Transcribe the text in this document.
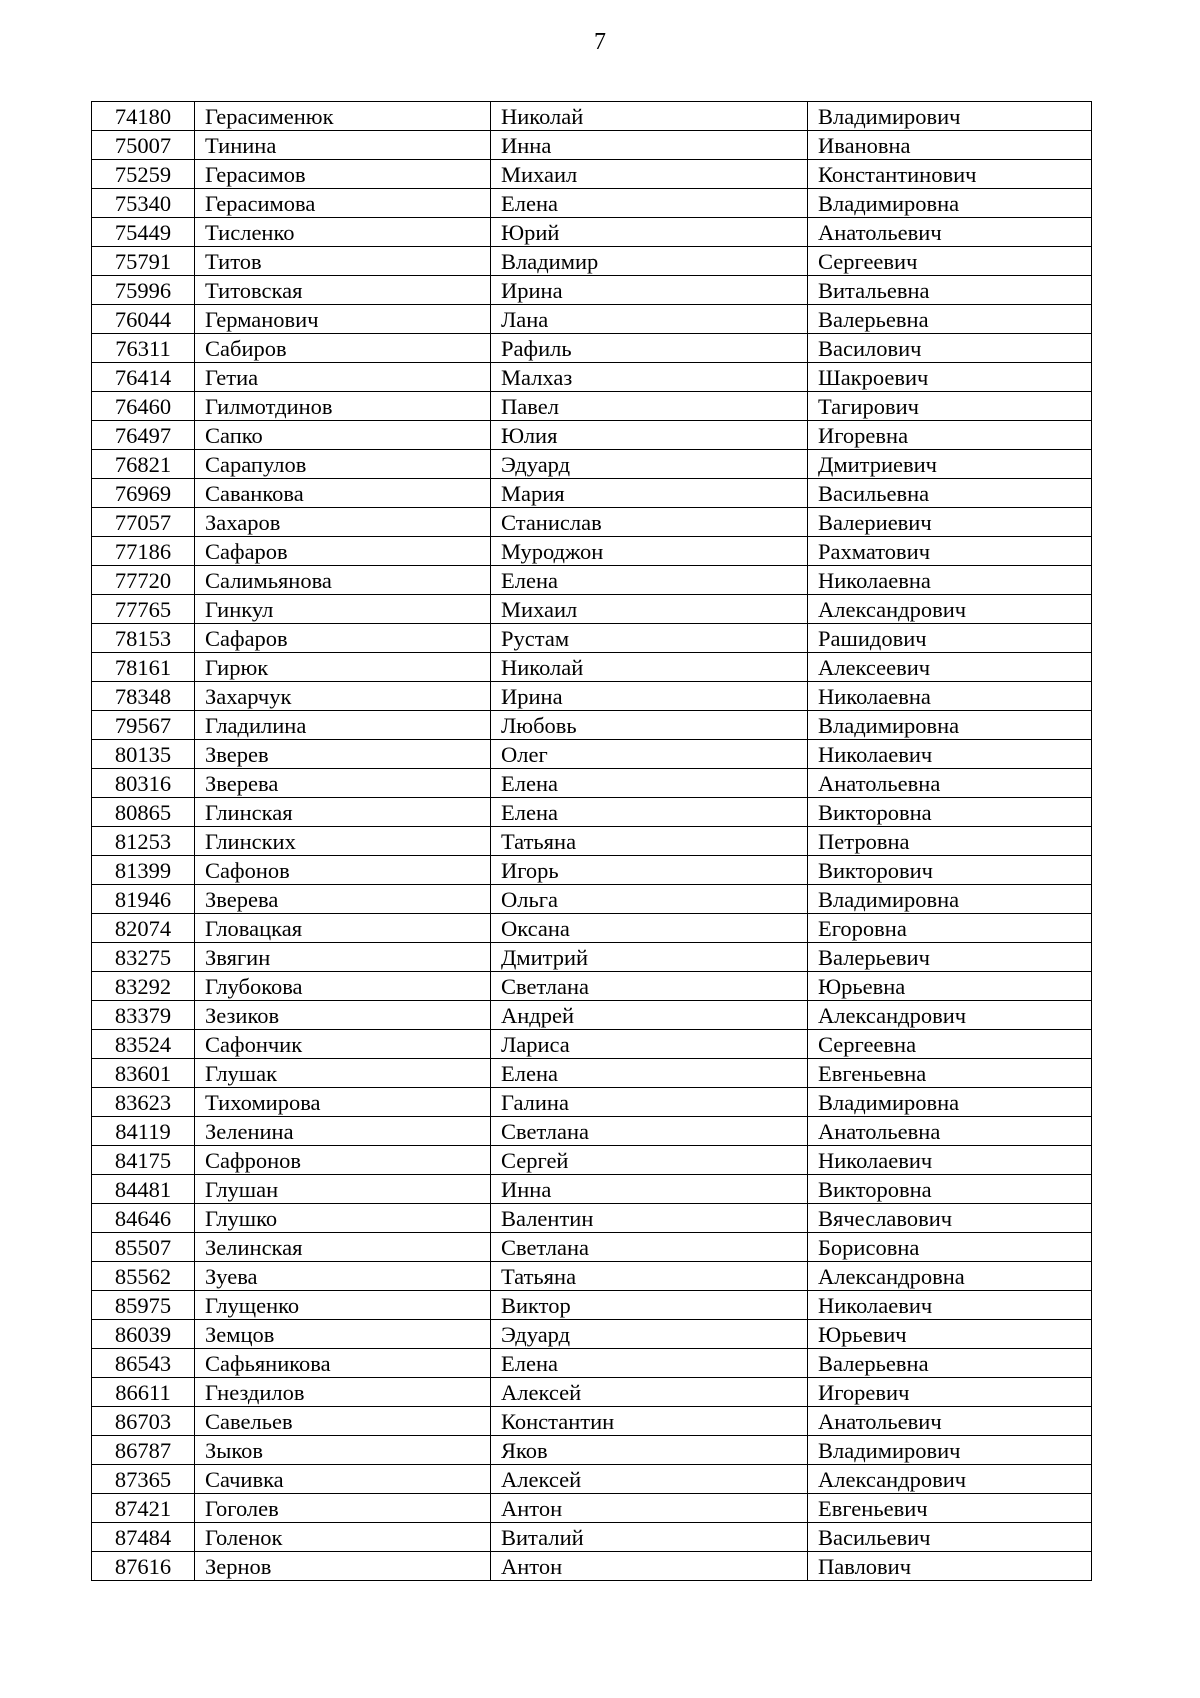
7
74180	Герасименюк	Николай	Владимирович
75007	Тинина	Инна	Ивановна
75259	Герасимов	Михаил	Константинович
75340	Герасимова	Елена	Владимировна
75449	Тисленко	Юрий	Анатольевич
75791	Титов	Владимир	Сергеевич
75996	Титовская	Ирина	Витальевна
76044	Германович	Лана	Валерьевна
76311	Сабиров	Рафиль	Василович
76414	Гетиа	Малхаз	Шакроевич
76460	Гилмотдинов	Павел	Тагирович
76497	Сапко	Юлия	Игоревна
76821	Сарапулов	Эдуард	Дмитриевич
76969	Саванкова	Мария	Васильевна
77057	Захаров	Станислав	Валериевич
77186	Сафаров	Муроджон	Рахматович
77720	Салимьянова	Елена	Николаевна
77765	Гинкул	Михаил	Александрович
78153	Сафаров	Рустам	Рашидович
78161	Гирюк	Николай	Алексеевич
78348	Захарчук	Ирина	Николаевна
79567	Гладилина	Любовь	Владимировна
80135	Зверев	Олег	Николаевич
80316	Зверева	Елена	Анатольевна
80865	Глинская	Елена	Викторовна
81253	Глинских	Татьяна	Петровна
81399	Сафонов	Игорь	Викторович
81946	Зверева	Ольга	Владимировна
82074	Гловацкая	Оксана	Егоровна
83275	Звягин	Дмитрий	Валерьевич
83292	Глубокова	Светлана	Юрьевна
83379	Зезиков	Андрей	Александрович
83524	Сафончик	Лариса	Сергеевна
83601	Глушак	Елена	Евгеньевна
83623	Тихомирова	Галина	Владимировна
84119	Зеленина	Светлана	Анатольевна
84175	Сафронов	Сергей	Николаевич
84481	Глушан	Инна	Викторовна
84646	Глушко	Валентин	Вячеславович
85507	Зелинская	Светлана	Борисовна
85562	Зуева	Татьяна	Александровна
85975	Глущенко	Виктор	Николаевич
86039	Земцов	Эдуард	Юрьевич
86543	Сафьяникова	Елена	Валерьевна
86611	Гнездилов	Алексей	Игоревич
86703	Савельев	Константин	Анатольевич
86787	Зыков	Яков	Владимирович
87365	Сачивка	Алексей	Александрович
87421	Гоголев	Антон	Евгеньевич
87484	Голенок	Виталий	Васильевич
87616	Зернов	Антон	Павлович
